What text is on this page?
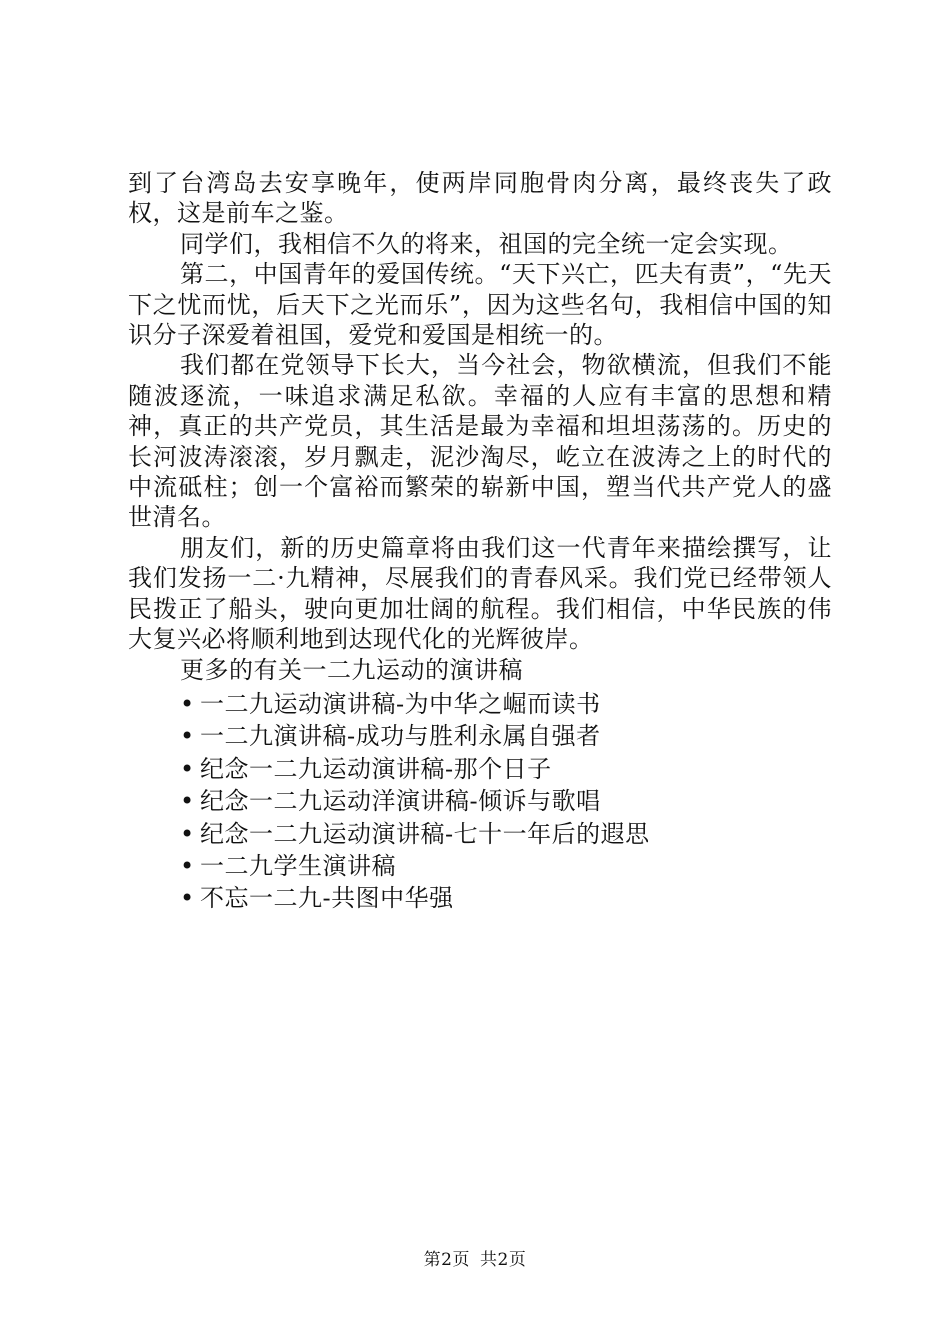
到了台湾岛去安享晚年，使两岸同胞骨肉分离，最终丧失了政权，这是前车之鉴。

同学们，我相信不久的将来，祖国的完全统一定会实现。

第二，中国青年的爱国传统。“天下兴亡，匹夫有责”，“先天下之忧而忧，后天下之光而乐”，因为这些名句，我相信中国的知识分子深爱着祖国，爱党和爱国是相统一的。

我们都在党领导下长大，当今社会，物欲横流，但我们不能随波逐流，一味追求满足私欲。幸福的人应有丰富的思想和精神，真正的共产党员，其生活是最为幸福和坦坦荡荡的。历史的长河波涛滚滚，岁月飘走，泥沙淘尽，屹立在波涛之上的时代的中流砥柱；创一个富裕而繁荣的崭新中国，塑当代共产党人的盛世清名。

朋友们，新的历史篇章将由我们这一代青年来描绘撰写，让我们发扬一二·九精神，尽展我们的青春风采。我们党已经带领人民拨正了船头，驶向更加壮阔的航程。我们相信，中华民族的伟大复兴必将顺利地到达现代化的光辉彼岸。

更多的有关一二九运动的演讲稿

• 一二九运动演讲稿-为中华之崛而读书
• 一二九演讲稿-成功与胜利永属自强者
• 纪念一二九运动演讲稿-那个日子
• 纪念一二九运动洋演讲稿-倾诉与歌唱
• 纪念一二九运动演讲稿-七十一年后的遐思
• 一二九学生演讲稿
• 不忘一二九-共图中华强
第2页 共2页
